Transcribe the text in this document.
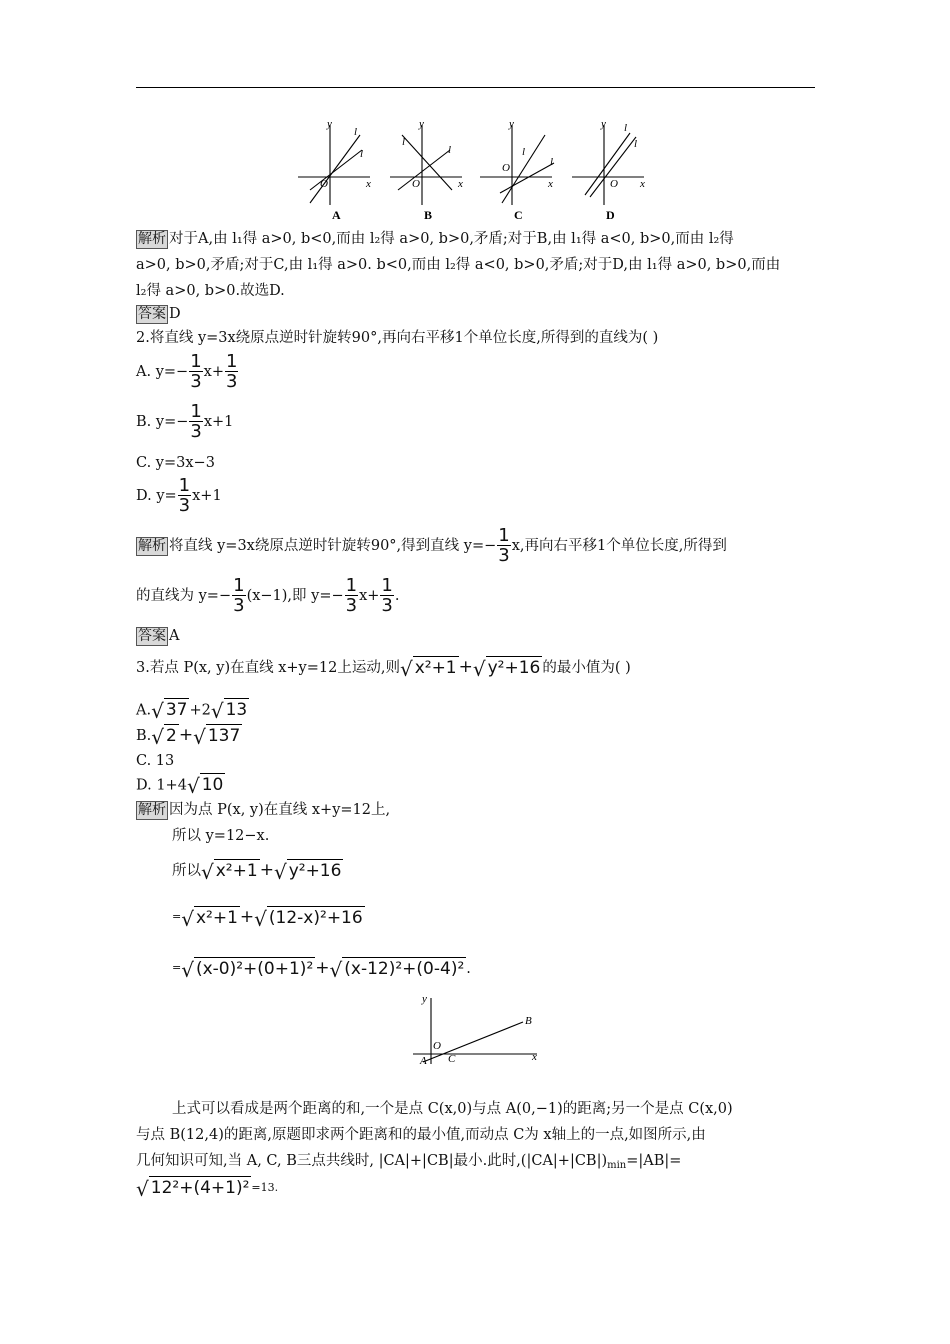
y
x
O
l
l
y
x
O
l
l
y
x
O
l
l
y
x
O
l
l
A	B	C	D
解析 对于A,由 l₁得 a>0, b<0,而由 l₂得 a>0, b>0,矛盾;对于B,由 l₁得 a<0, b>0,而由 l₂得
a>0, b>0,矛盾;对于C,由 l₁得 a>0. b<0,而由 l₂得 a<0, b>0,矛盾;对于D,由 l₁得 a>0, b>0,而由
l₂得 a>0, b>0.故选D.
答案 D
2.将直线 y=3x绕原点逆时针旋转90°,再向右平移1个单位长度,所得到的直线为( )
A. $y=- \frac{1}{3} x+ \frac{1}{3}$
B. $y=- \frac{1}{3} x+1$
C. y=3x−3
D. $y= \frac{1}{3} x+1$
解析 将直线 y=3x绕原点逆时针旋转90°,得到直线 $y=- \frac{1}{3} x$,再向右平移1个单位长度,所得到
的直线为 $y=- \frac{1}{3} (x-1)$,即 $y=- \frac{1}{3} x+ \frac{1}{3}$ .
答案 A
3.若点 P(x, y)在直线 x+y=12上运动,则√ x²+1 +√ y²+16 的最小值为( )
A.√ 37 +2√ 13
B.√ 2 +√ 137
C. 13
D. 1+4√ 10
解析 因为点 P(x, y)在直线 x+y=12上,
所以 y=12−x.
所以√ x²+1 +√ y²+16
=√ x²+1 +√ (12-x)²+16
=√ (x-0)²+(0+1)² +√ (x-12)²+(0-4)² .
y
x
O
A
B
C
上式可以看成是两个距离的和,一个是点 C(x,0)与点 A(0,−1)的距离;另一个是点 C(x,0)
与点 B(12,4)的距离,原题即求两个距离和的最小值,而动点 C为 x轴上的一点,如图所示,由
几何知识可知,当 A, C, B三点共线时, |CA|+|CB|最小.此时$,(|CA|+|CB|)_{min}=|AB|=$
√ 12²+(4+1)² $^{=13.}$
